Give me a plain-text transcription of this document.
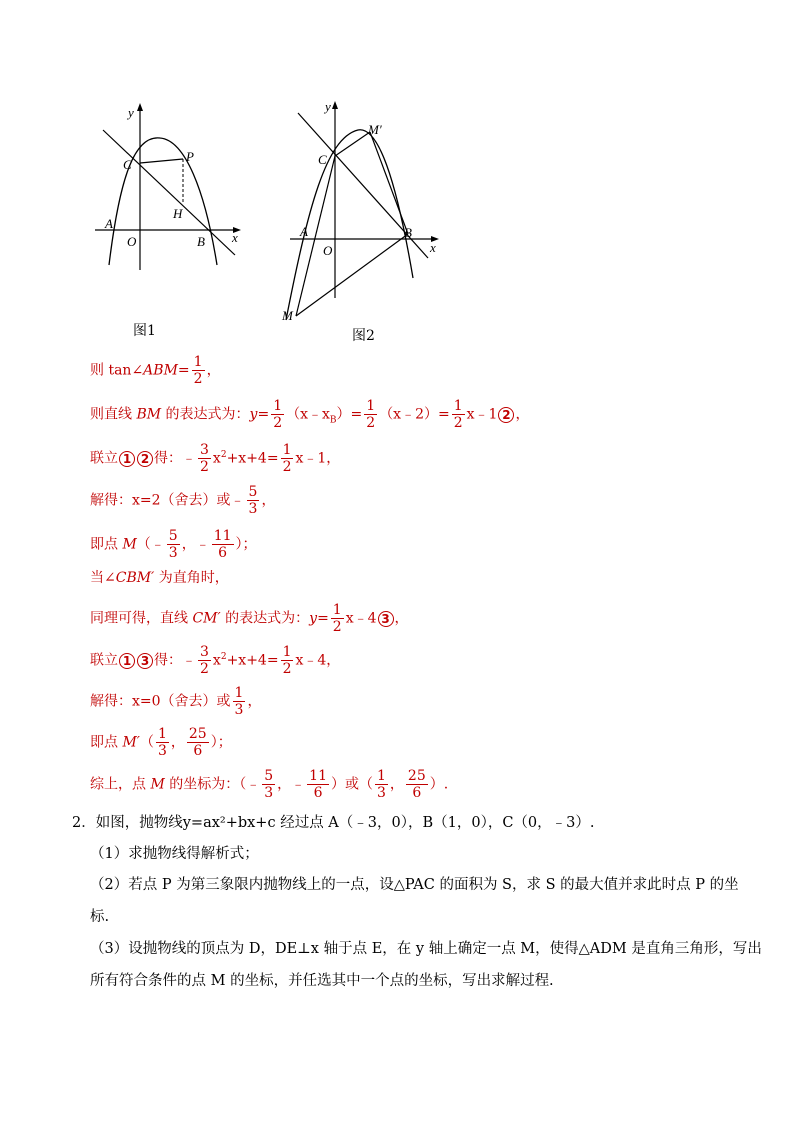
y
x
O
A
B
C
P
H
图1
y
x
O
A	B
C
M
M′
图2
则 tan∠ABM= $\frac{1}{2}$ ，
则直线 BM 的表达式为：$y= \frac{1}{2}$ $(x﹣x_B)= \frac{1}{2}$ （x﹣2）= $\frac{1}{2}$ x﹣1 2 ，
联立 1 2 得：﹣ $\frac{3}{2} x^2+x+4= \frac{1}{2}$ x﹣1，
解得：x=2（舍去）或﹣ $\frac{5}{3}$ ，
即点 M（﹣ $\frac{5}{3}$ ，﹣ $\frac{11}{6}$ ）；
当∠CBM′ 为直角时，
同理可得，直线 CM′ 的表达式为：$y= \frac{1}{2}$ x﹣4 3 ，
联立 1 3 得：﹣ $\frac{3}{2} x^2+x+4= \frac{1}{2}$ x﹣4，
解得：x=0（舍去）或 $\frac{1}{3}$ ，
即点 $M'( \frac{1}{3}$ ， $\frac{25}{6}$ ）；
综上，点 M 的坐标为：（﹣ $\frac{5}{3}$ ，﹣ $\frac{11}{6}$ ）或（ $\frac{1}{3}$ ， $\frac{25}{6}$ ）.
2．如图，抛物线y=ax²+bx+c 经过点 A（﹣3，0），B（1，0），C（0，﹣3）.
（1）求抛物线得解析式；
（2）若点 P 为第三象限内抛物线上的一点，设△PAC 的面积为 S，求 S 的最大值并求此时点 P 的坐
标.
（3）设抛物线的顶点为 D，DE⊥x 轴于点 E，在 y 轴上确定一点 M，使得△ADM 是直角三角形，写出
所有符合条件的点 M 的坐标，并任选其中一个点的坐标，写出求解过程.
